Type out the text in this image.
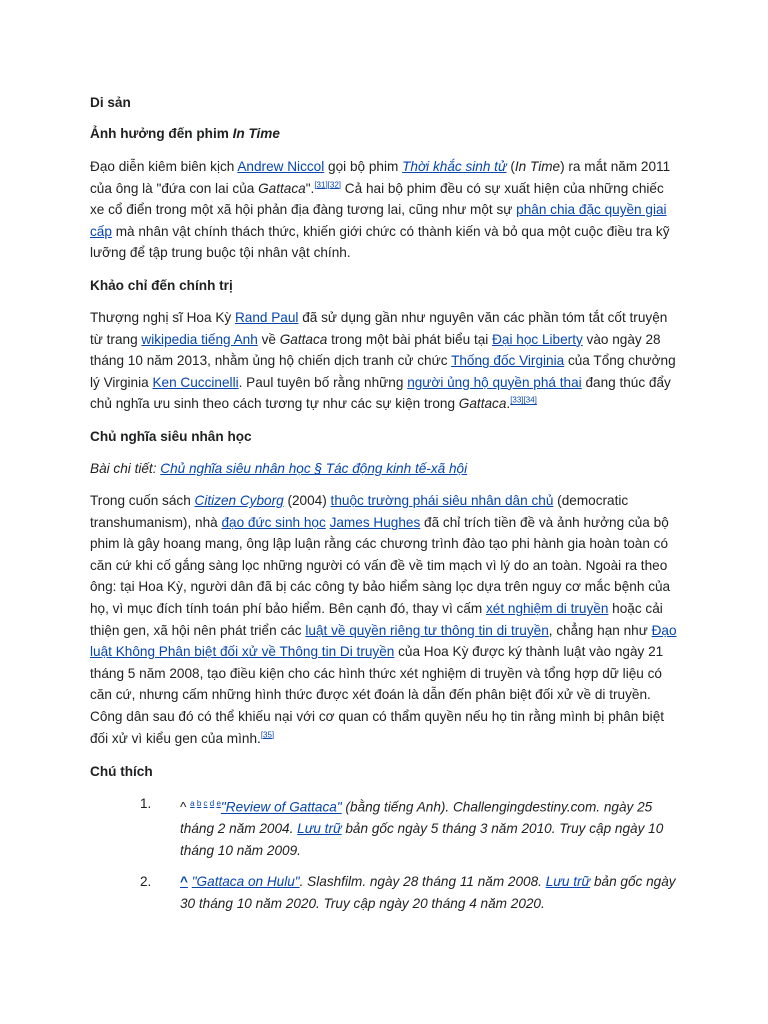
Di sản
Ảnh hưởng đến phim In Time

Đạo diễn kiêm biên kịch Andrew Niccol gọi bộ phim Thời khắc sinh tử (In Time) ra mắt năm 2011 của ông là "đứa con lai của Gattaca".[31][32] Cả hai bộ phim đều có sự xuất hiện của những chiếc xe cổ điển trong một xã hội phản địa đàng tương lai, cũng như một sự phân chia đặc quyền giai cấp mà nhân vật chính thách thức, khiến giới chức có thành kiến và bỏ qua một cuộc điều tra kỹ lưỡng để tập trung buộc tội nhân vật chính.

Khảo chỉ đến chính trị

Thượng nghị sĩ Hoa Kỳ Rand Paul đã sử dụng gần như nguyên văn các phần tóm tắt cốt truyện từ trang wikipedia tiếng Anh về Gattaca trong một bài phát biểu tại Đại học Liberty vào ngày 28 tháng 10 năm 2013, nhằm ủng hộ chiến dịch tranh cử chức Thống đốc Virginia của Tổng chưởng lý Virginia Ken Cuccinelli. Paul tuyên bố rằng những người ủng hộ quyền phá thai đang thúc đẩy chủ nghĩa ưu sinh theo cách tương tự như các sự kiện trong Gattaca.[33][34]

Chủ nghĩa siêu nhân học

Bài chi tiết: Chủ nghĩa siêu nhân học § Tác động kinh tế-xã hội

Trong cuốn sách Citizen Cyborg (2004) thuộc trường phái siêu nhân dân chủ (democratic transhumanism), nhà đạo đức sinh học James Hughes đã chỉ trích tiền đề và ảnh hưởng của bộ phim là gây hoang mang, ông lập luận rằng các chương trình đào tạo phi hành gia hoàn toàn có căn cứ khi cố gắng sàng lọc những người có vấn đề về tim mạch vì lý do an toàn. Ngoài ra theo ông: tại Hoa Kỳ, người dân đã bị các công ty bảo hiểm sàng lọc dựa trên nguy cơ mắc bệnh của họ, vì mục đích tính toán phí bảo hiểm. Bên cạnh đó, thay vì cấm xét nghiệm di truyền hoặc cải thiện gen, xã hội nên phát triển các luật về quyền riêng tư thông tin di truyền, chẳng hạn như Đạo luật Không Phân biệt đối xử về Thông tin Di truyền của Hoa Kỳ được ký thành luật vào ngày 21 tháng 5 năm 2008, tạo điều kiện cho các hình thức xét nghiệm di truyền và tổng hợp dữ liệu có căn cứ, nhưng cấm những hình thức được xét đoán là dẫn đến phân biệt đối xử về di truyền. Công dân sau đó có thể khiếu nại với cơ quan có thẩm quyền nếu họ tin rằng mình bị phân biệt đối xử vì kiểu gen của mình.[35]

Chú thích
1. ^ $^{a b c d e}$"Review of Gattaca" (bằng tiếng Anh). Challengingdestiny.com. ngày 25 tháng 2 năm 2004. Lưu trữ bản gốc ngày 5 tháng 3 năm 2010. Truy cập ngày 10 tháng 10 năm 2009.
2. ^ "Gattaca on Hulu". Slashfilm. ngày 28 tháng 11 năm 2008. Lưu trữ bản gốc ngày 30 tháng 10 năm 2020. Truy cập ngày 20 tháng 4 năm 2020.
